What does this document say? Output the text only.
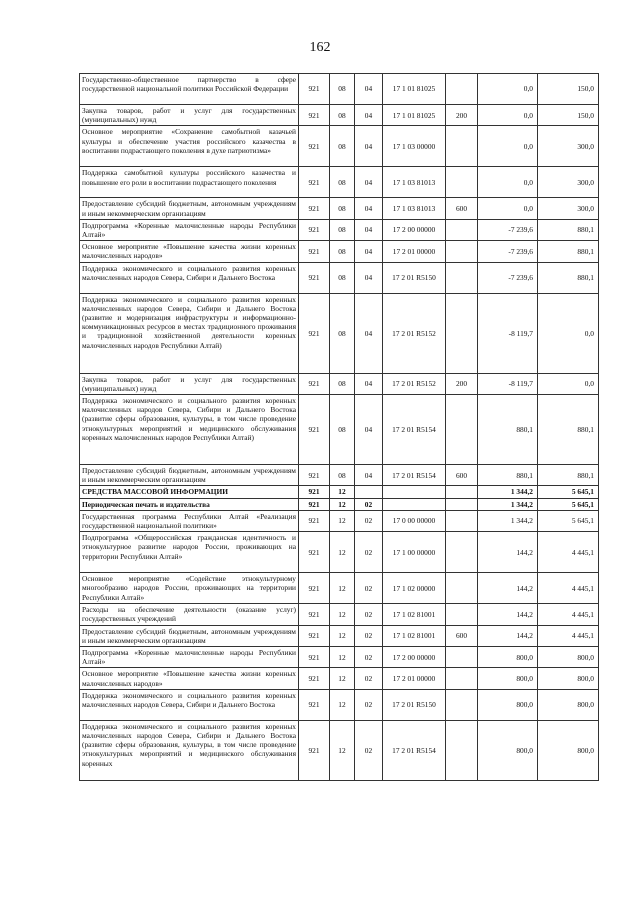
162
Государственно-общественное партнерство в сфере государственной национальной политики Российской Федерации	921	08	04	17 1 01 81025		0,0	150,0
Закупка товаров, работ и услуг для государственных (муниципальных) нужд	921	08	04	17 1 01 81025	200	0,0	150,0
Основное мероприятие «Сохранение самобытной казачьей культуры и обеспечение участия российского казачества в воспитании подрастающего поколения в духе патриотизма»	921	08	04	17 1 03 00000		0,0	300,0
Поддержка самобытной культуры российского казачества и повышение его роли в воспитании подрастающего поколения	921	08	04	17 1 03 81013		0,0	300,0
Предоставление субсидий бюджетным, автономным учреждениям и иным некоммерческим организациям	921	08	04	17 1 03 81013	600	0,0	300,0
Подпрограмма «Коренные малочисленные народы Республики Алтай»	921	08	04	17 2 00 00000		-7 239,6	880,1
Основное мероприятие «Повышение качества жизни коренных малочисленных народов»	921	08	04	17 2 01 00000		-7 239,6	880,1
Поддержка экономического и социального развития коренных малочисленных народов Севера, Сибири и Дальнего Востока	921	08	04	17 2 01 R5150		-7 239,6	880,1
Поддержка экономического и социального развития коренных малочисленных народов Севера, Сибири и Дальнего Востока (развитие и модернизация инфраструктуры и информационно-коммуникационных ресурсов в местах традиционного проживания и традиционной хозяйственной деятельности коренных малочисленных народов Республики Алтай)	921	08	04	17 2 01 R5152		-8 119,7	0,0
Закупка товаров, работ и услуг для государственных (муниципальных) нужд	921	08	04	17 2 01 R5152	200	-8 119,7	0,0
Поддержка экономического и социального развития коренных малочисленных народов Севера, Сибири и Дальнего Востока (развитие сферы образования, культуры, в том числе проведение этнокультурных мероприятий и медицинского обслуживания коренных малочисленных народов Республики Алтай)	921	08	04	17 2 01 R5154		880,1	880,1
Предоставление субсидий бюджетным, автономным учреждениям и иным некоммерческим организациям	921	08	04	17 2 01 R5154	600	880,1	880,1
СРЕДСТВА МАССОВОЙ ИНФОРМАЦИИ	921	12				1 344,2	5 645,1
Периодическая печать и издательства	921	12	02			1 344,2	5 645,1
Государственная программа Республики Алтай «Реализация государственной национальной политики»	921	12	02	17 0 00 00000		1 344,2	5 645,1
Подпрограмма «Общероссийская гражданская идентичность и этнокультурное развитие народов России, проживающих на территории Республики Алтай»	921	12	02	17 1 00 00000		144,2	4 445,1
Основное мероприятие «Содействие этнокультурному многообразию народов России, проживающих на территории Республики Алтай»	921	12	02	17 1 02 00000		144,2	4 445,1
Расходы на обеспечение деятельности (оказание услуг) государственных учреждений	921	12	02	17 1 02 81001		144,2	4 445,1
Предоставление субсидий бюджетным, автономным учреждениям и иным некоммерческим организациям	921	12	02	17 1 02 81001	600	144,2	4 445,1
Подпрограмма «Коренные малочисленные народы Республики Алтай»	921	12	02	17 2 00 00000		800,0	800,0
Основное мероприятие «Повышение качества жизни коренных малочисленных народов»	921	12	02	17 2 01 00000		800,0	800,0
Поддержка экономического и социального развития коренных малочисленных народов Севера, Сибири и Дальнего Востока	921	12	02	17 2 01 R5150		800,0	800,0
Поддержка экономического и социального развития коренных малочисленных народов Севера, Сибири и Дальнего Востока (развитие сферы образования, культуры, в том числе проведение этнокультурных мероприятий и медицинского обслуживания коренных	921	12	02	17 2 01 R5154		800,0	800,0
